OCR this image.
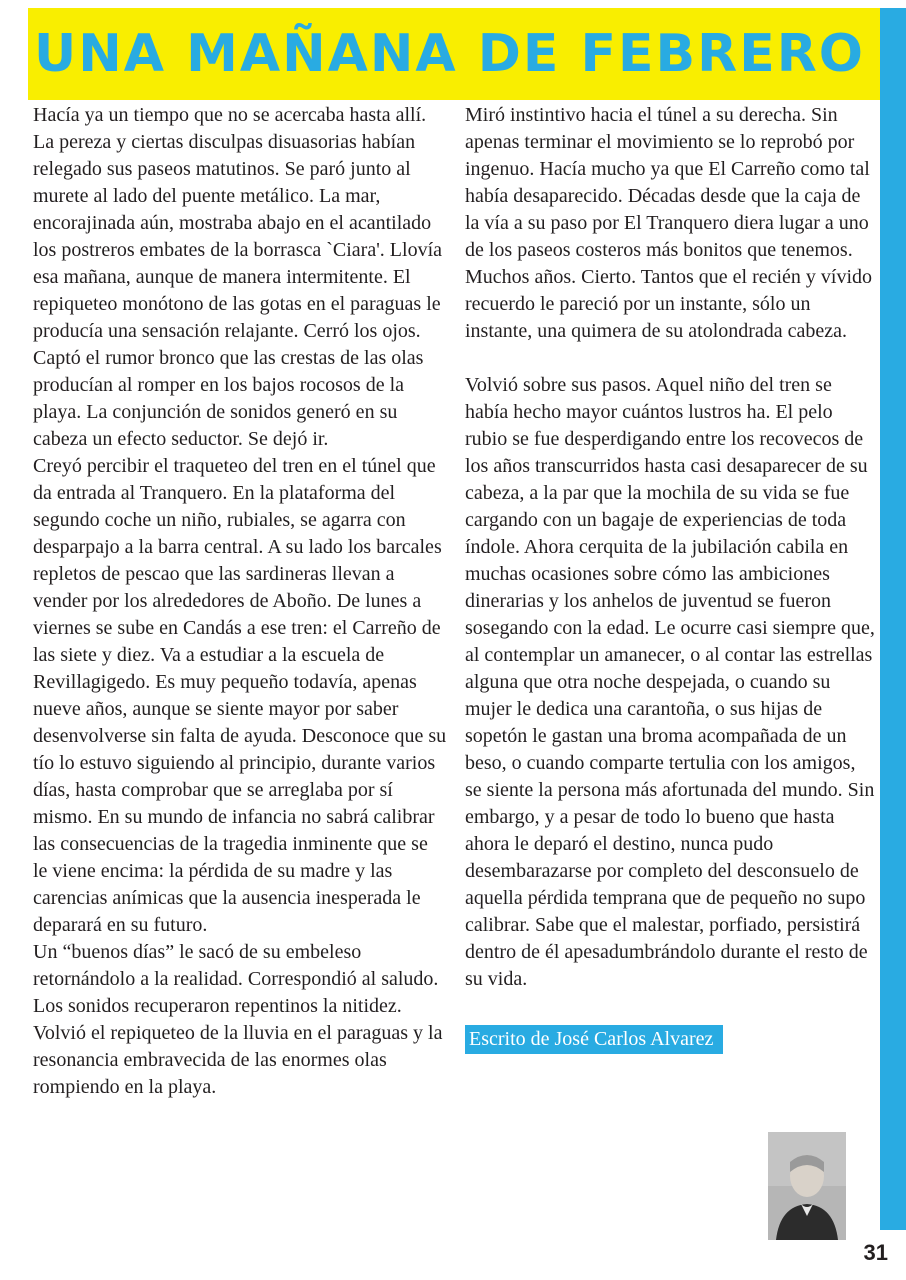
UNA MAÑANA DE FEBRERO

Hacía ya un tiempo que no se acercaba hasta allí. La pereza y ciertas disculpas disuasorias habían relegado sus paseos matutinos. Se paró junto al murete al lado del puente metálico. La mar, encorajinada aún, mostraba abajo en el acantilado los postreros embates de la borrasca `Ciara'. Llovía esa mañana, aunque de manera intermitente. El repiqueteo monótono de las gotas en el paraguas le producía una sensación relajante. Cerró los ojos. Captó el rumor bronco que las crestas de las olas producían al romper en los bajos rocosos de la playa. La conjunción de sonidos generó en su cabeza un efecto seductor. Se dejó ir.

Creyó percibir el traqueteo del tren en el túnel que da entrada al Tranquero. En la plataforma del segundo coche un niño, rubiales, se agarra con desparpajo a la barra central. A su lado los barcales repletos de pescao que las sardineras llevan a vender por los alrededores de Aboño. De lunes a viernes se sube en Candás a ese tren: el Carreño de las siete y diez. Va a estudiar a la escuela de Revillagigedo. Es muy pequeño todavía, apenas nueve años, aunque se siente mayor por saber desenvolverse sin falta de ayuda. Desconoce que su tío lo estuvo siguiendo al principio, durante varios días, hasta comprobar que se arreglaba por sí mismo. En su mundo de infancia no sabrá calibrar las consecuencias de la tragedia inminente que se le viene encima: la pérdida de su madre y las carencias anímicas que la ausencia inesperada le deparará en su futuro.

Un “buenos días” le sacó de su embeleso retornándolo a la realidad. Correspondió al saludo. Los sonidos recuperaron repentinos la nitidez.

Volvió el repiqueteo de la lluvia en el paraguas y la resonancia embravecida de las enormes olas rompiendo en la playa.

Miró instintivo hacia el túnel a su derecha. Sin apenas terminar el movimiento se lo reprobó por ingenuo. Hacía mucho ya que El Carreño como tal había desaparecido. Décadas desde que la caja de la vía a su paso por El Tranquero diera lugar a uno de los paseos costeros más bonitos que tenemos. Muchos años. Cierto. Tantos que el recién y vívido recuerdo le pareció por un instante, sólo un instante, una quimera de su atolondrada cabeza.

Volvió sobre sus pasos. Aquel niño del tren se había hecho mayor cuántos lustros ha. El pelo rubio se fue desperdigando entre los recovecos de los años transcurridos hasta casi desaparecer de su cabeza, a la par que la mochila de su vida se fue cargando con un bagaje de experiencias de toda índole. Ahora cerquita de la jubilación cabila en muchas ocasiones sobre cómo las ambiciones dinerarias y los anhelos de juventud se fueron sosegando con la edad. Le ocurre casi siempre que, al contemplar un amanecer, o al contar las estrellas alguna que otra noche despejada, o cuando su mujer le dedica una carantoña, o sus hijas de sopetón le gastan una broma acompañada de un beso, o cuando comparte tertulia con los amigos, se siente la persona más afortunada del mundo. Sin embargo, y a pesar de todo lo bueno que hasta ahora le deparó el destino, nunca pudo desembarazarse por completo del desconsuelo de aquella pérdida temprana que de pequeño no supo calibrar. Sabe que el malestar, porfiado, persistirá dentro de él apesadumbrándolo durante el resto de su vida.

Escrito de José Carlos Alvarez
31
